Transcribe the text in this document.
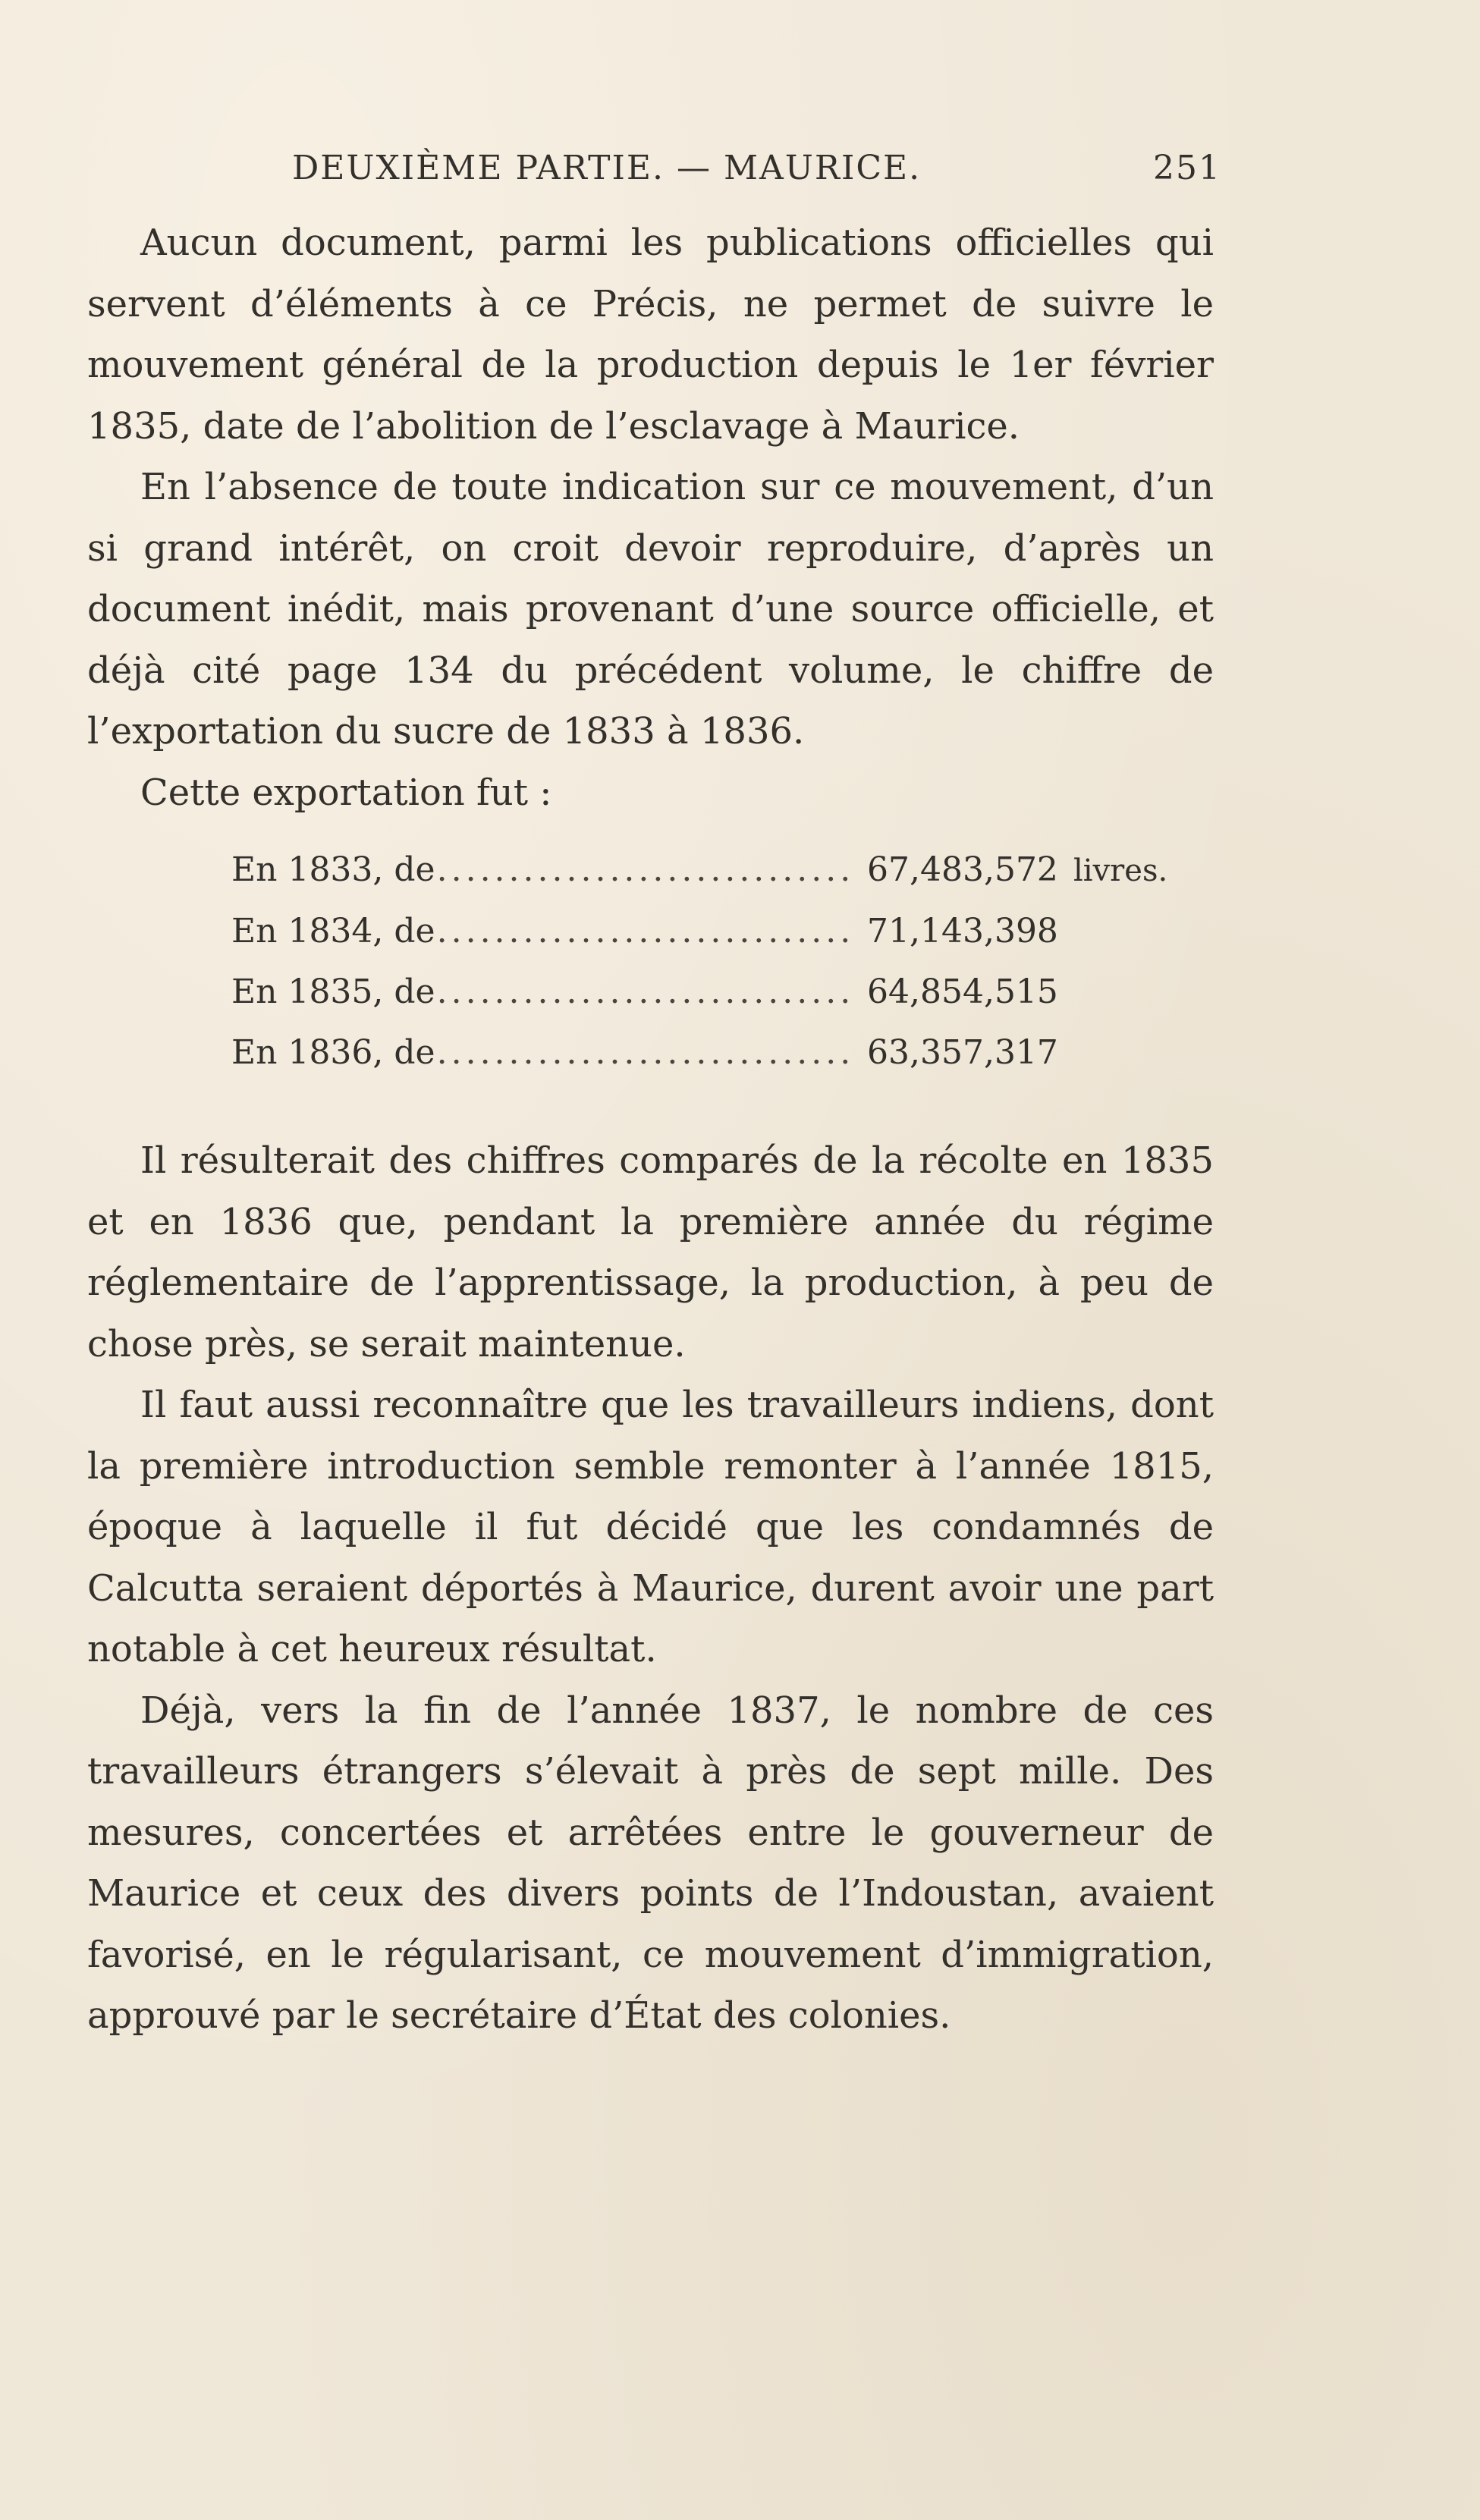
DEUXIÈME PARTIE. — MAURICE.	251

Aucun document, parmi les publications officielles qui servent d’éléments à ce Précis, ne permet de suivre le mouvement général de la production depuis le 1er février 1835, date de l’abolition de l’esclavage à Maurice.

En l’absence de toute indication sur ce mouvement, d’un si grand intérêt, on croit devoir reproduire, d’après un document inédit, mais provenant d’une source officielle, et déjà cité page 134 du précédent volume, le chiffre de l’exportation du sucre de 1833 à 1836.

Cette exportation fut :

En 1833, de .....	67,483,572 livres.
En 1834, de .....	71,143,398
En 1835, de .....	64,854,515
En 1836, de .....	63,357,317

Il résulterait des chiffres comparés de la récolte en 1835 et en 1836 que, pendant la première année du régime réglementaire de l’apprentissage, la production, à peu de chose près, se serait maintenue.

Il faut aussi reconnaître que les travailleurs indiens, dont la première introduction semble remonter à l’année 1815, époque à laquelle il fut décidé que les condamnés de Calcutta seraient déportés à Maurice, durent avoir une part notable à cet heureux résultat.

Déjà, vers la fin de l’année 1837, le nombre de ces travailleurs étrangers s’élevait à près de sept mille. Des mesures, concertées et arrêtées entre le gouverneur de Maurice et ceux des divers points de l’Indoustan, avaient favorisé, en le régularisant, ce mouvement d’immigration, approuvé par le secrétaire d’État des colonies.
